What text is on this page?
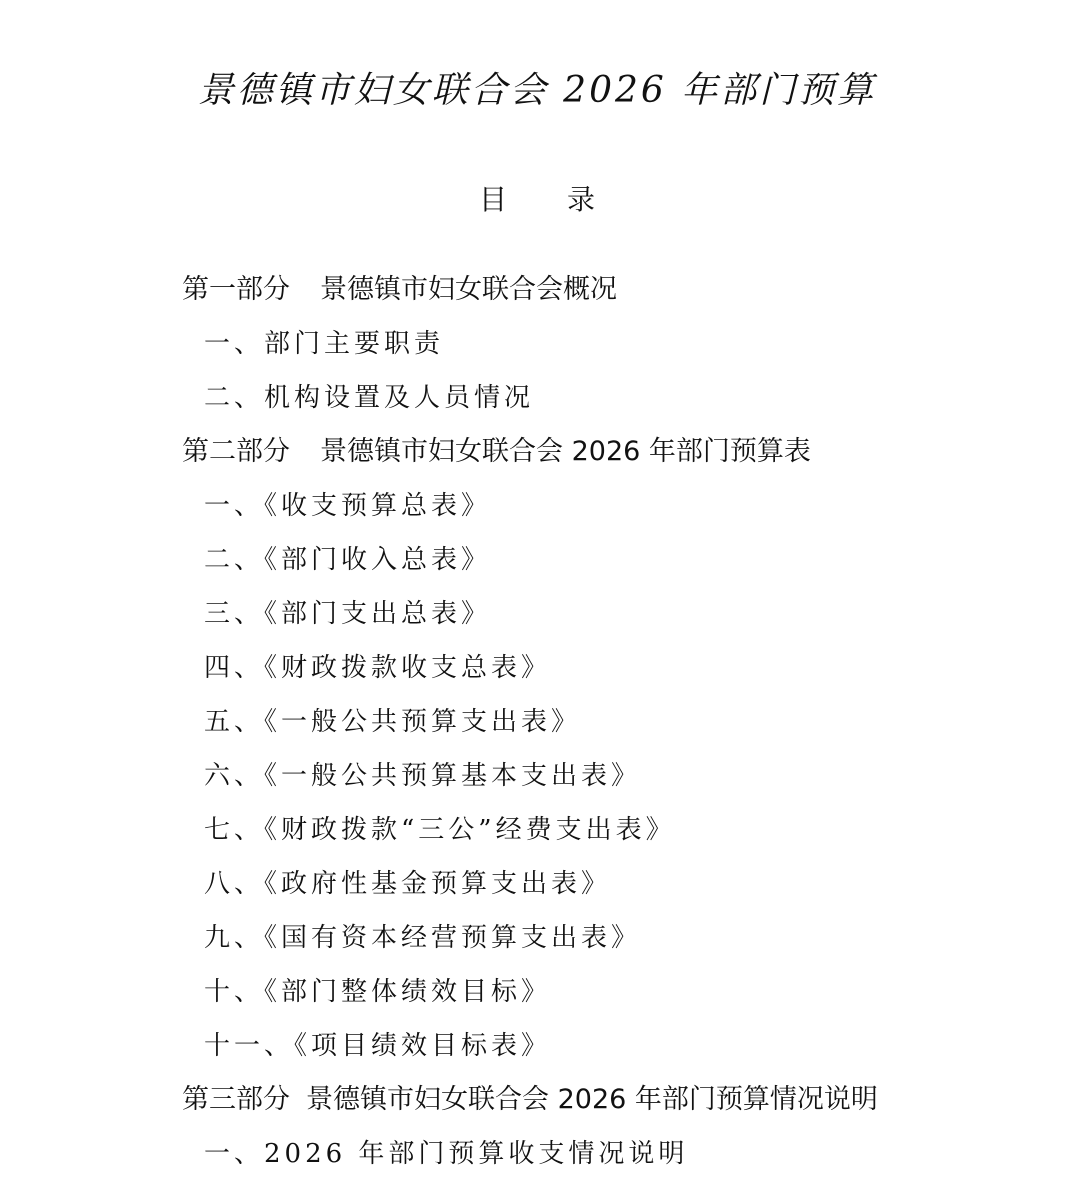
景德镇市妇女联合会 2026 年部门预算
目 录
第一部分 景德镇市妇女联合会概况
一、部门主要职责
二、机构设置及人员情况
第二部分 景德镇市妇女联合会 2026 年部门预算表
一、《收支预算总表》
二、《部门收入总表》
三、《部门支出总表》
四、《财政拨款收支总表》
五、《一般公共预算支出表》
六、《一般公共预算基本支出表》
七、《财政拨款“三公”经费支出表》
八、《政府性基金预算支出表》
九、《国有资本经营预算支出表》
十、《部门整体绩效目标》
十一、《项目绩效目标表》
第三部分 景德镇市妇女联合会 2026 年部门预算情况说明
一、2026 年部门预算收支情况说明
